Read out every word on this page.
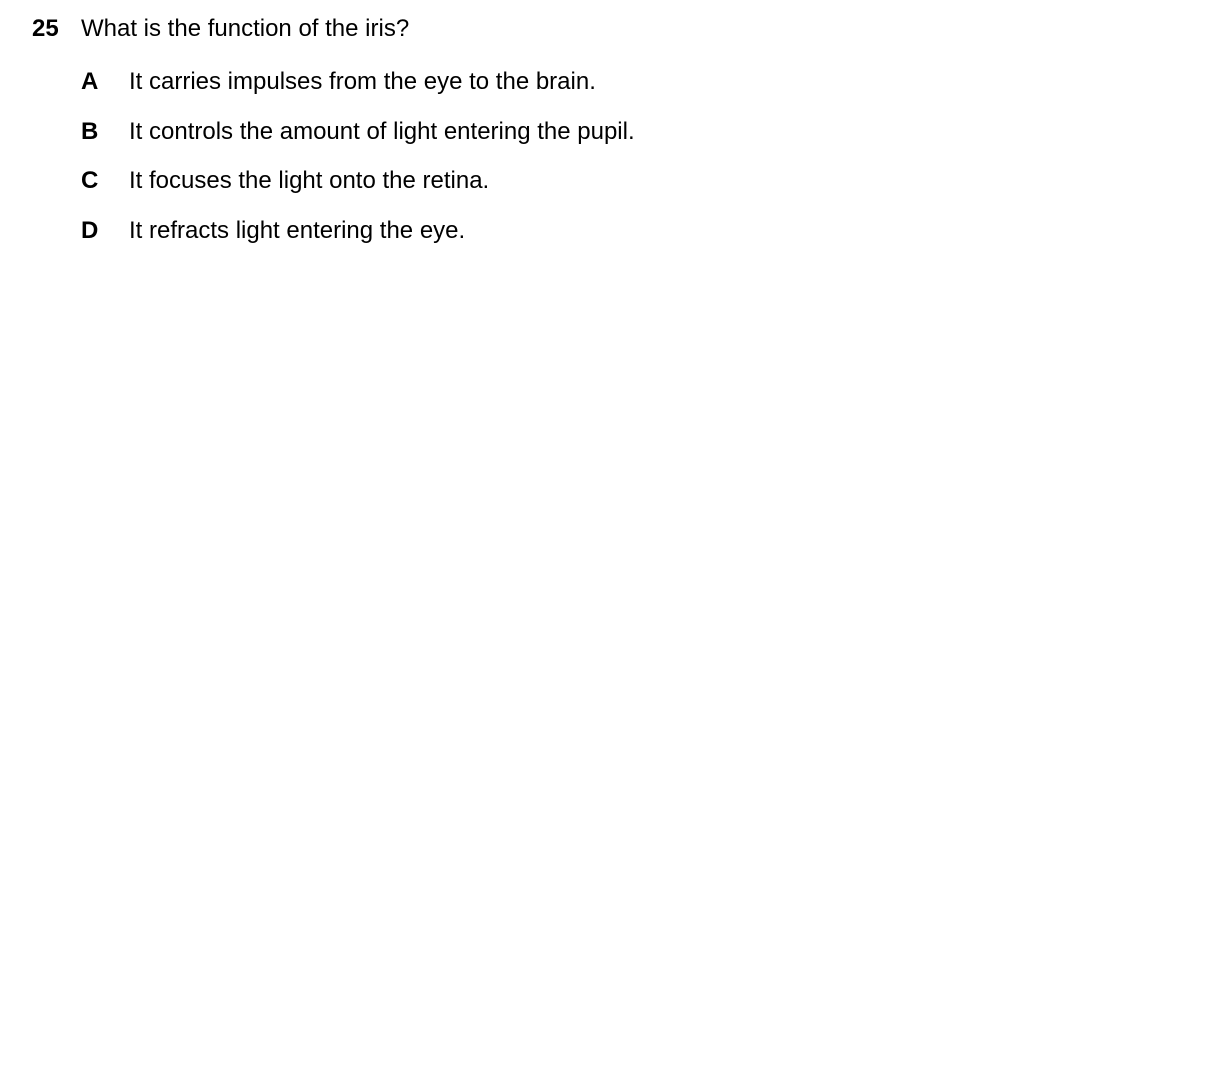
25 What is the function of the iris?
A It carries impulses from the eye to the brain.
B It controls the amount of light entering the pupil.
C It focuses the light onto the retina.
D It refracts light entering the eye.
